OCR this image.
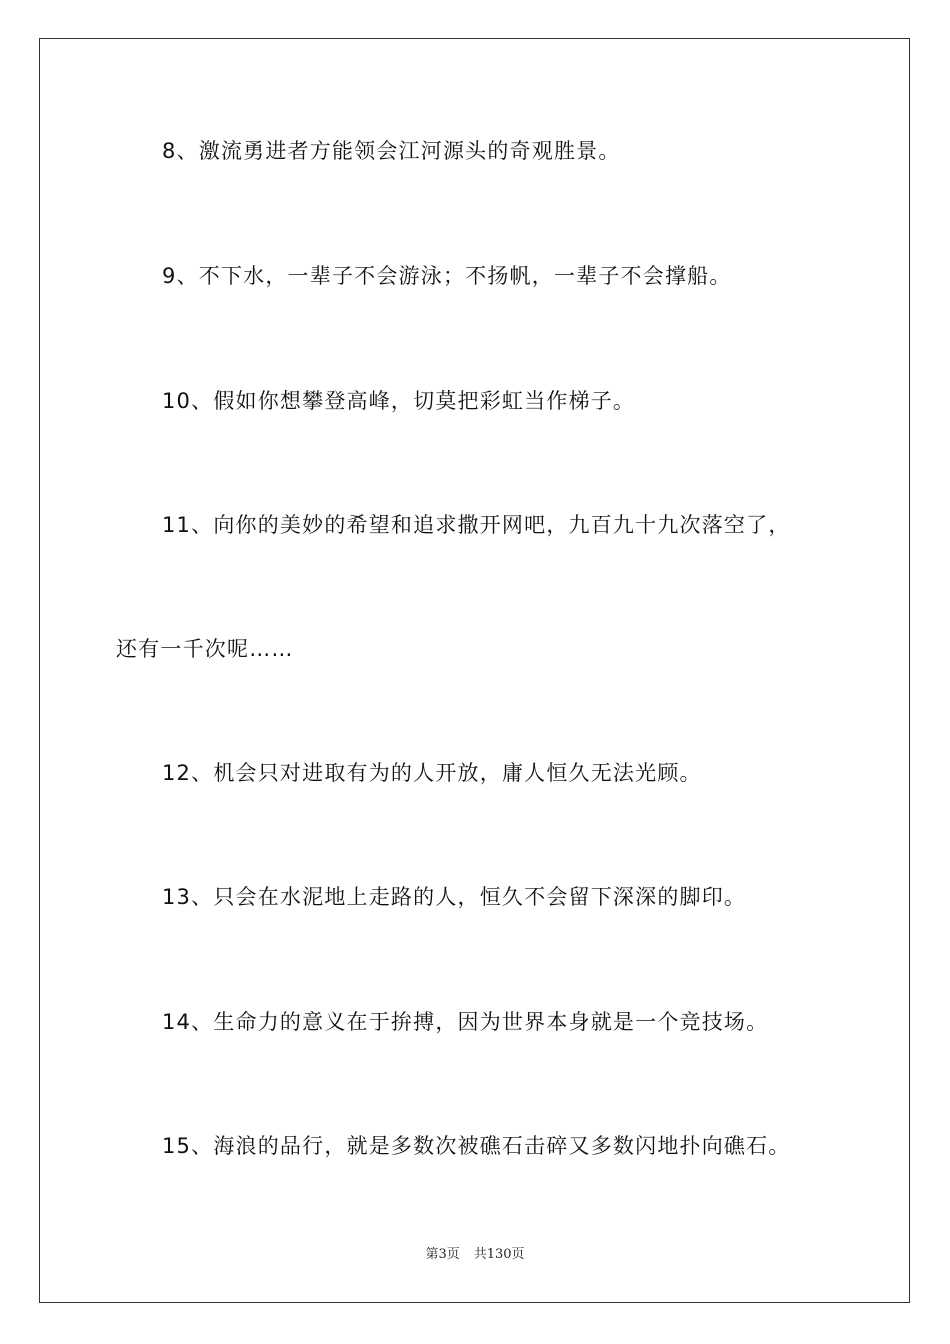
8、激流勇进者方能领会江河源头的奇观胜景。
9、不下水，一辈子不会游泳；不扬帆，一辈子不会撑船。
10、假如你想攀登高峰，切莫把彩虹当作梯子。
11、向你的美妙的希望和追求撒开网吧，九百九十九次落空了，
还有一千次呢……
12、机会只对进取有为的人开放，庸人恒久无法光顾。
13、只会在水泥地上走路的人，恒久不会留下深深的脚印。
14、生命力的意义在于拚搏，因为世界本身就是一个竞技场。
15、海浪的品行，就是多数次被礁石击碎又多数闪地扑向礁石。
第3页 共130页
